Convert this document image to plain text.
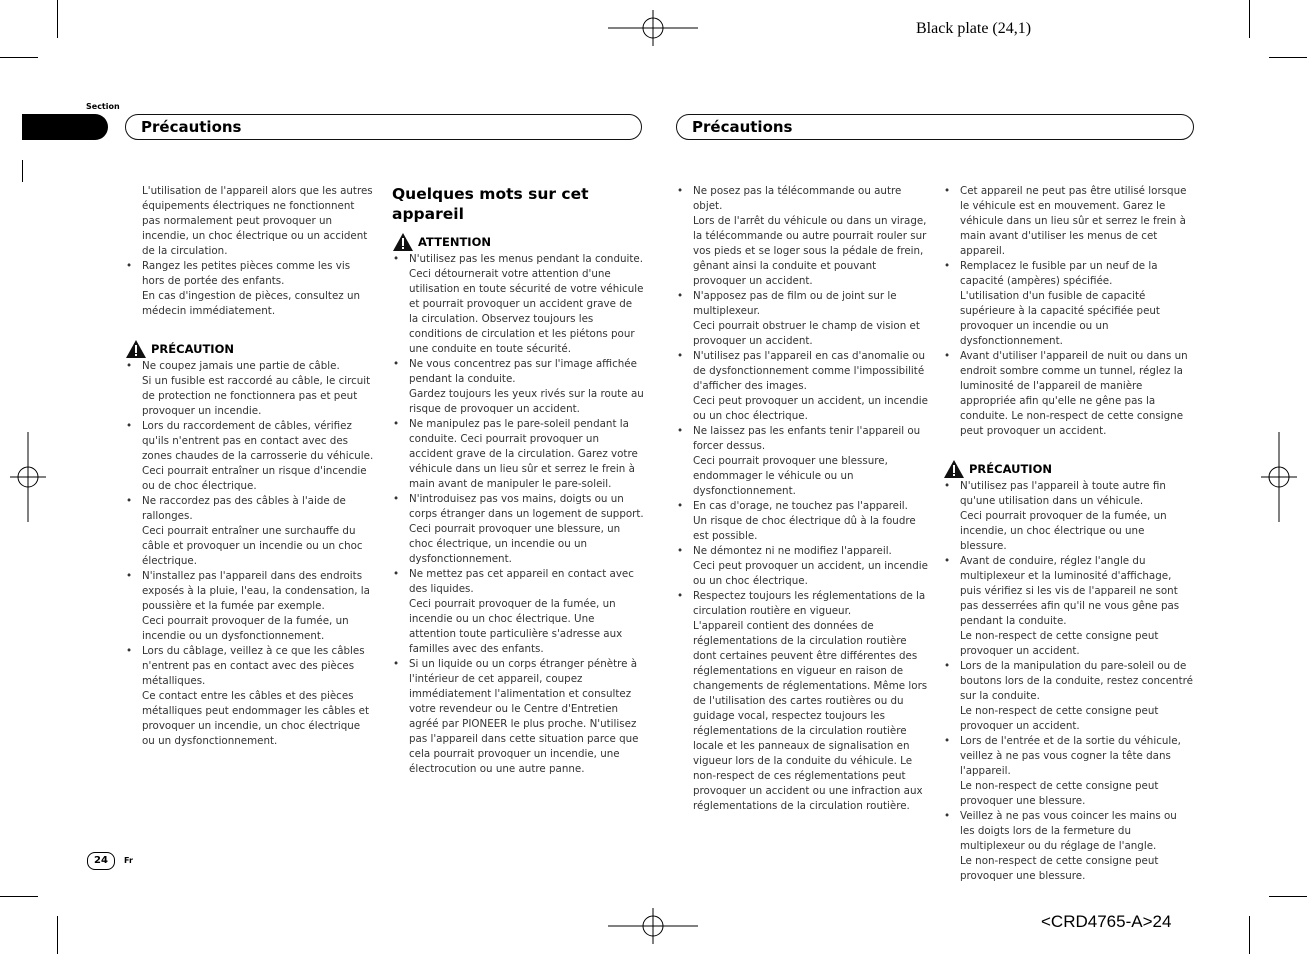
Black plate (24,1)
<CRD4765-A>24
Section
Précautions	Précautions

L'utilisation de l'appareil alors que les autres équipements électriques ne fonctionnent pas normalement peut provoquer un incendie, un choc électrique ou un accident de la circulation.

• Rangez les petites pièces comme les vis hors de portée des enfants.
En cas d'ingestion de pièces, consultez un médecin immédiatement.
PRÉCAUTION
• Ne coupez jamais une partie de câble.
Si un fusible est raccordé au câble, le circuit de protection ne fonctionnera pas et peut provoquer un incendie.
• Lors du raccordement de câbles, vérifiez qu'ils n'entrent pas en contact avec des zones chaudes de la carrosserie du véhicule.
Ceci pourrait entraîner un risque d'incendie ou de choc électrique.
• Ne raccordez pas des câbles à l'aide de rallonges.
Ceci pourrait entraîner une surchauffe du câble et provoquer un incendie ou un choc électrique.
• N'installez pas l'appareil dans des endroits exposés à la pluie, l'eau, la condensation, la poussière et la fumée par exemple.
Ceci pourrait provoquer de la fumée, un incendie ou un dysfonctionnement.
• Lors du câblage, veillez à ce que les câbles n'entrent pas en contact avec des pièces métalliques.
Ce contact entre les câbles et des pièces métalliques peut endommager les câbles et provoquer un incendie, un choc électrique ou un dysfonctionnement.
Quelques mots sur cet appareil
ATTENTION
• N'utilisez pas les menus pendant la conduite. Ceci détournerait votre attention d'une utilisation en toute sécurité de votre véhicule et pourrait provoquer un accident grave de la circulation. Observez toujours les conditions de circulation et les piétons pour une conduite en toute sécurité.
• Ne vous concentrez pas sur l'image affichée pendant la conduite.
Gardez toujours les yeux rivés sur la route au risque de provoquer un accident.
• Ne manipulez pas le pare-soleil pendant la conduite. Ceci pourrait provoquer un accident grave de la circulation. Garez votre véhicule dans un lieu sûr et serrez le frein à main avant de manipuler le pare-soleil.
• N'introduisez pas vos mains, doigts ou un corps étranger dans un logement de support.
Ceci pourrait provoquer une blessure, un choc électrique, un incendie ou un dysfonctionnement.
• Ne mettez pas cet appareil en contact avec des liquides.
Ceci pourrait provoquer de la fumée, un incendie ou un choc électrique. Une attention toute particulière s'adresse aux familles avec des enfants.
• Si un liquide ou un corps étranger pénètre à l'intérieur de cet appareil, coupez immédiatement l'alimentation et consultez votre revendeur ou le Centre d'Entretien agréé par PIONEER le plus proche. N'utilisez pas l'appareil dans cette situation parce que cela pourrait provoquer un incendie, une électrocution ou une autre panne.
• Ne posez pas la télécommande ou autre objet.
Lors de l'arrêt du véhicule ou dans un virage, la télécommande ou autre pourrait rouler sur vos pieds et se loger sous la pédale de frein, gênant ainsi la conduite et pouvant provoquer un accident.
• N'apposez pas de film ou de joint sur le multiplexeur.
Ceci pourrait obstruer le champ de vision et provoquer un accident.
• N'utilisez pas l'appareil en cas d'anomalie ou de dysfonctionnement comme l'impossibilité d'afficher des images.
Ceci peut provoquer un accident, un incendie ou un choc électrique.
• Ne laissez pas les enfants tenir l'appareil ou forcer dessus.
Ceci pourrait provoquer une blessure, endommager le véhicule ou un dysfonctionnement.
• En cas d'orage, ne touchez pas l'appareil.
Un risque de choc électrique dû à la foudre est possible.
• Ne démontez ni ne modifiez l'appareil.
Ceci peut provoquer un accident, un incendie ou un choc électrique.
• Respectez toujours les réglementations de la circulation routière en vigueur.
L'appareil contient des données de réglementations de la circulation routière dont certaines peuvent être différentes des réglementations en vigueur en raison de changements de réglementations. Même lors de l'utilisation des cartes routières ou du guidage vocal, respectez toujours les réglementations de la circulation routière locale et les panneaux de signalisation en vigueur lors de la conduite du véhicule. Le non-respect de ces réglementations peut provoquer un accident ou une infraction aux réglementations de la circulation routière.
• Cet appareil ne peut pas être utilisé lorsque le véhicule est en mouvement. Garez le véhicule dans un lieu sûr et serrez le frein à main avant d'utiliser les menus de cet appareil.
• Remplacez le fusible par un neuf de la capacité (ampères) spécifiée.
L'utilisation d'un fusible de capacité supérieure à la capacité spécifiée peut provoquer un incendie ou un dysfonctionnement.
• Avant d'utiliser l'appareil de nuit ou dans un endroit sombre comme un tunnel, réglez la luminosité de l'appareil de manière appropriée afin qu'elle ne gêne pas la conduite. Le non-respect de cette consigne peut provoquer un accident.
PRÉCAUTION
• N'utilisez pas l'appareil à toute autre fin qu'une utilisation dans un véhicule.
Ceci pourrait provoquer de la fumée, un incendie, un choc électrique ou une blessure.
• Avant de conduire, réglez l'angle du multiplexeur et la luminosité d'affichage, puis vérifiez si les vis de l'appareil ne sont pas desserrées afin qu'il ne vous gêne pas pendant la conduite.
Le non-respect de cette consigne peut provoquer un accident.
• Lors de la manipulation du pare-soleil ou de boutons lors de la conduite, restez concentré sur la conduite.
Le non-respect de cette consigne peut provoquer un accident.
• Lors de l'entrée et de la sortie du véhicule, veillez à ne pas vous cogner la tête dans l'appareil.
Le non-respect de cette consigne peut provoquer une blessure.
• Veillez à ne pas vous coincer les mains ou les doigts lors de la fermeture du multiplexeur ou du réglage de l'angle.
Le non-respect de cette consigne peut provoquer une blessure.
24	Fr
